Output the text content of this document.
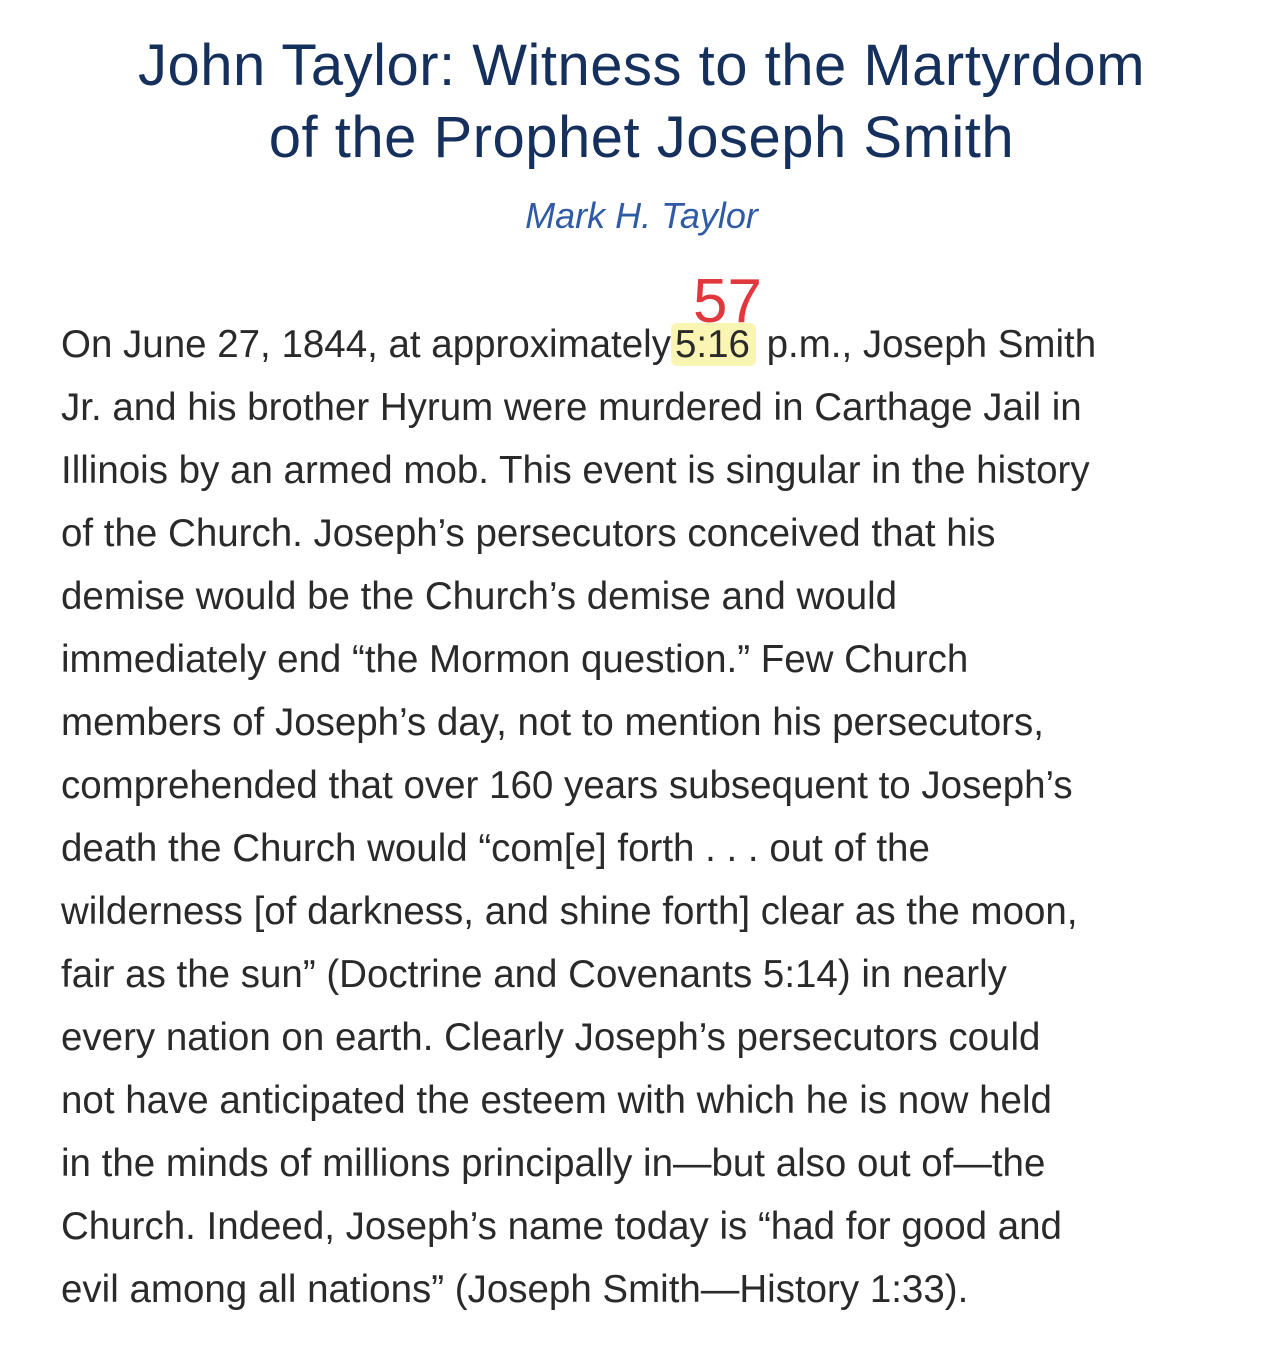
John Taylor: Witness to the Martyrdom
of the Prophet Joseph Smith
Mark H. Taylor

On June 27, 1844, at approximately
57
5:16 p.m., Joseph Smith
Jr. and his brother Hyrum were murdered in Carthage Jail in
Illinois by an armed mob. This event is singular in the history
of the Church. Joseph’s persecutors conceived that his
demise would be the Church’s demise and would
immediately end “the Mormon question.” Few Church
members of Joseph’s day, not to mention his persecutors,
comprehended that over 160 years subsequent to Joseph’s
death the Church would “com[e] forth . . . out of the
wilderness [of darkness, and shine forth] clear as the moon,
fair as the sun” (Doctrine and Covenants 5:14) in nearly
every nation on earth. Clearly Joseph’s persecutors could
not have anticipated the esteem with which he is now held
in the minds of millions principally in—but also out of—the
Church. Indeed, Joseph’s name today is “had for good and
evil among all nations” (Joseph Smith—History 1:33).
